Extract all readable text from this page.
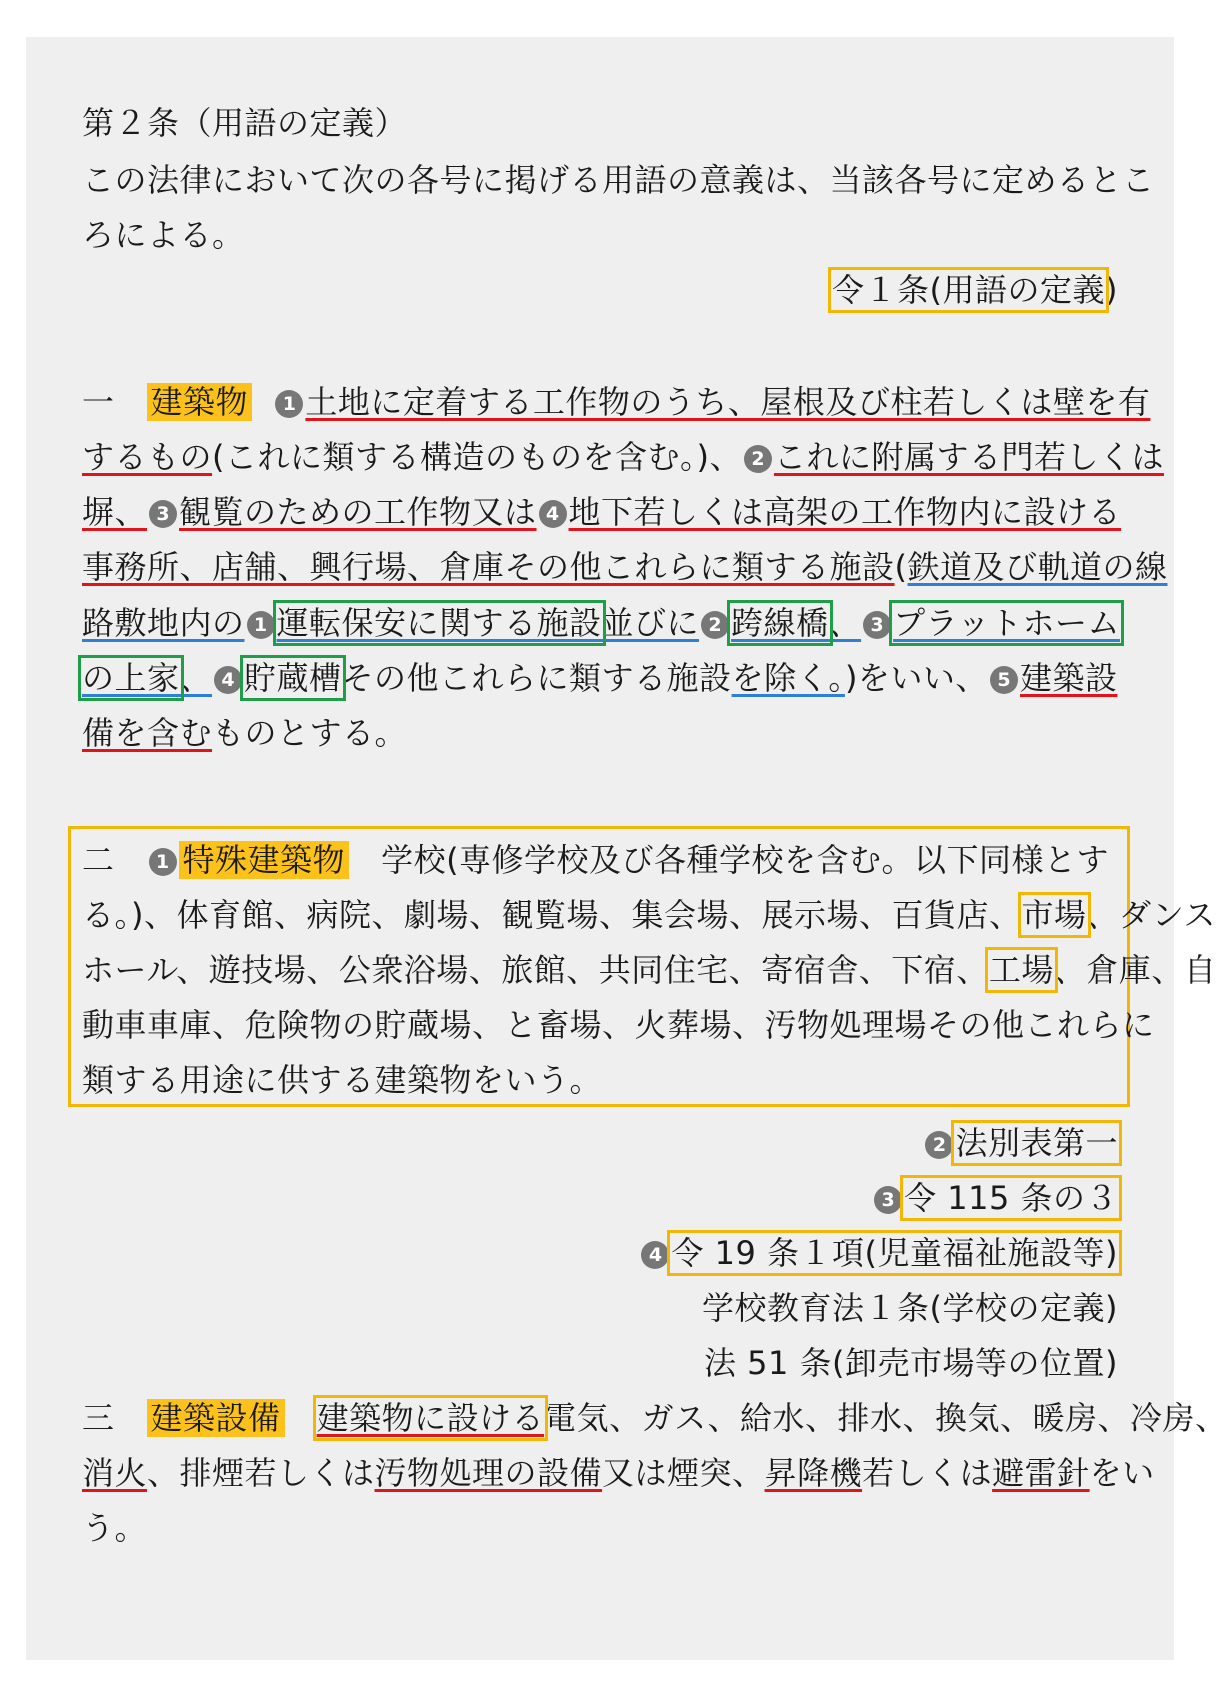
第２条（用語の定義）
この法律において次の各号に掲げる用語の意義は、当該各号に定めるとこ
ろによる。
令１条(用語の定義)
一 建築物 1 土地に定着する工作物のうち、屋根及び柱若しくは壁を有
するもの(これに類する構造のものを含む。)、 2 これに附属する門若しくは
塀、 3 観覧のための工作物又は 4 地下若しくは高架の工作物内に設ける
事務所、店舗、興行場、倉庫その他これらに類する施設(鉄道及び軌道の線
路敷地内の 1 運転保安に関する施設並びに 2 跨線橋、 3 プラットホーム
の上家、 4 貯蔵槽その他これらに類する施設を除く。)をいい、 5 建築設
備を含むものとする。
二 1 特殊建築物 学校(専修学校及び各種学校を含む。以下同様とす
る。)、体育館、病院、劇場、観覧場、集会場、展示場、百貨店、市場、ダンス
ホール、遊技場、公衆浴場、旅館、共同住宅、寄宿舎、下宿、工場、倉庫、自
動車車庫、危険物の貯蔵場、と畜場、火葬場、汚物処理場その他これらに
類する用途に供する建築物をいう。
2 法別表第一
3 令 115 条の３
4 令 19 条１項(児童福祉施設等)
学校教育法１条(学校の定義)
法 51 条(卸売市場等の位置)
三 建築設備 建築物に設ける電気、ガス、給水、排水、換気、暖房、冷房、
消火、排煙若しくは汚物処理の設備又は煙突、昇降機若しくは避雷針をい
う。
